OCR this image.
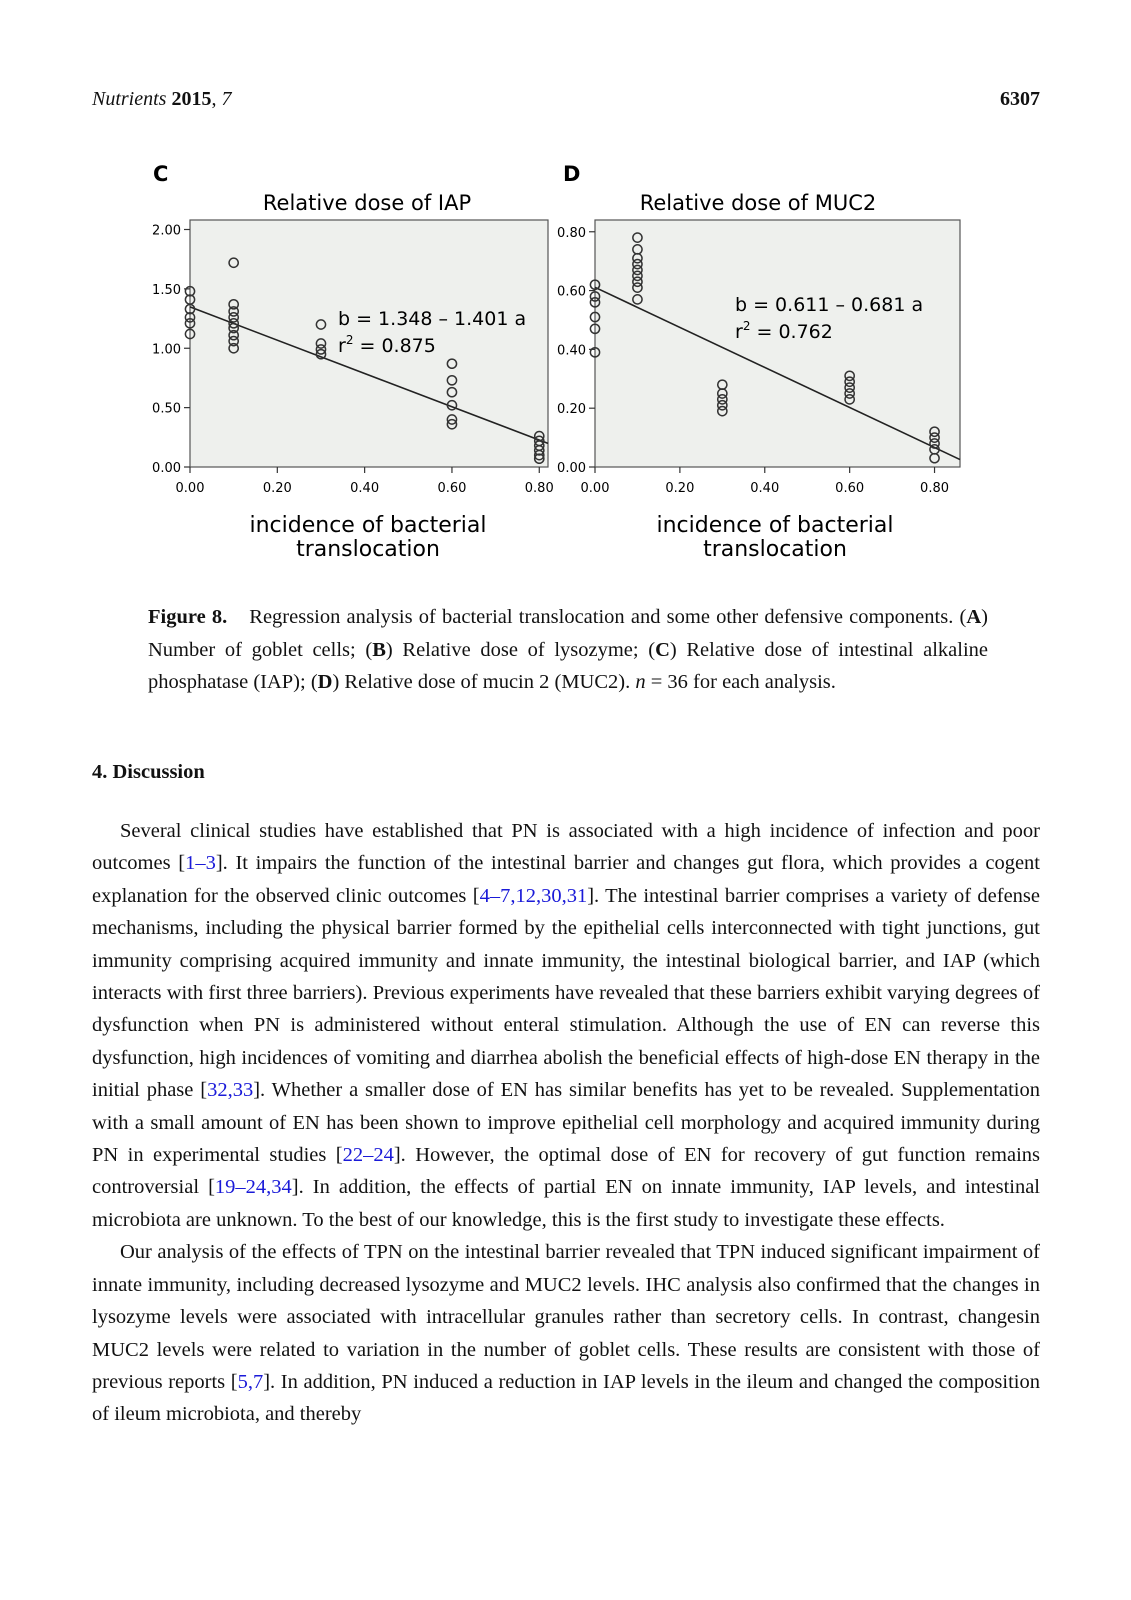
Nutrients 2015, 7	6307
C
Relative dose of IAP
incidence of bacterial
translocation
b = 1.348 – 1.401 a
$r^2 = 0.875$
0.00
0.50
1.00
1.50
2.00
0.00	0.20	0.40	0.60	0.80
D
Relative dose of MUC2
incidence of bacterial
translocation
b = 0.611 – 0.681 a
$r^2 = 0.762$
0.00
0.20
0.40
0.60
0.80
0.00	0.20	0.40	0.60	0.80
Figure 8. Regression analysis of bacterial translocation and some other defensive components. (A) Number of goblet cells; (B) Relative dose of lysozyme; (C) Relative dose of intestinal alkaline phosphatase (IAP); (D) Relative dose of mucin 2 (MUC2). n = 36 for each analysis.
4. Discussion

Several clinical studies have established that PN is associated with a high incidence of infection and poor outcomes [1–3]. It impairs the function of the intestinal barrier and changes gut flora, which provides a cogent explanation for the observed clinic outcomes [4–7,12,30,31]. The intestinal barrier comprises a variety of defense mechanisms, including the physical barrier formed by the epithelial cells interconnected with tight junctions, gut immunity comprising acquired immunity and innate immunity, the intestinal biological barrier, and IAP (which interacts with first three barriers). Previous experiments have revealed that these barriers exhibit varying degrees of dysfunction when PN is administered without enteral stimulation. Although the use of EN can reverse this dysfunction, high incidences of vomiting and diarrhea abolish the beneficial effects of high-dose EN therapy in the initial phase [32,33]. Whether a smaller dose of EN has similar benefits has yet to be revealed. Supplementation with a small amount of EN has been shown to improve epithelial cell morphology and acquired immunity during PN in experimental studies [22–24]. However, the optimal dose of EN for recovery of gut function remains controversial [19–24,34]. In addition, the effects of partial EN on innate immunity, IAP levels, and intestinal microbiota are unknown. To the best of our knowledge, this is the first study to investigate these effects.

Our analysis of the effects of TPN on the intestinal barrier revealed that TPN induced significant impairment of innate immunity, including decreased lysozyme and MUC2 levels. IHC analysis also confirmed that the changes in lysozyme levels were associated with intracellular granules rather than secretory cells. In contrast, changesin MUC2 levels were related to variation in the number of goblet cells. These results are consistent with those of previous reports [5,7]. In addition, PN induced a reduction in IAP levels in the ileum and changed the composition of ileum microbiota, and thereby
